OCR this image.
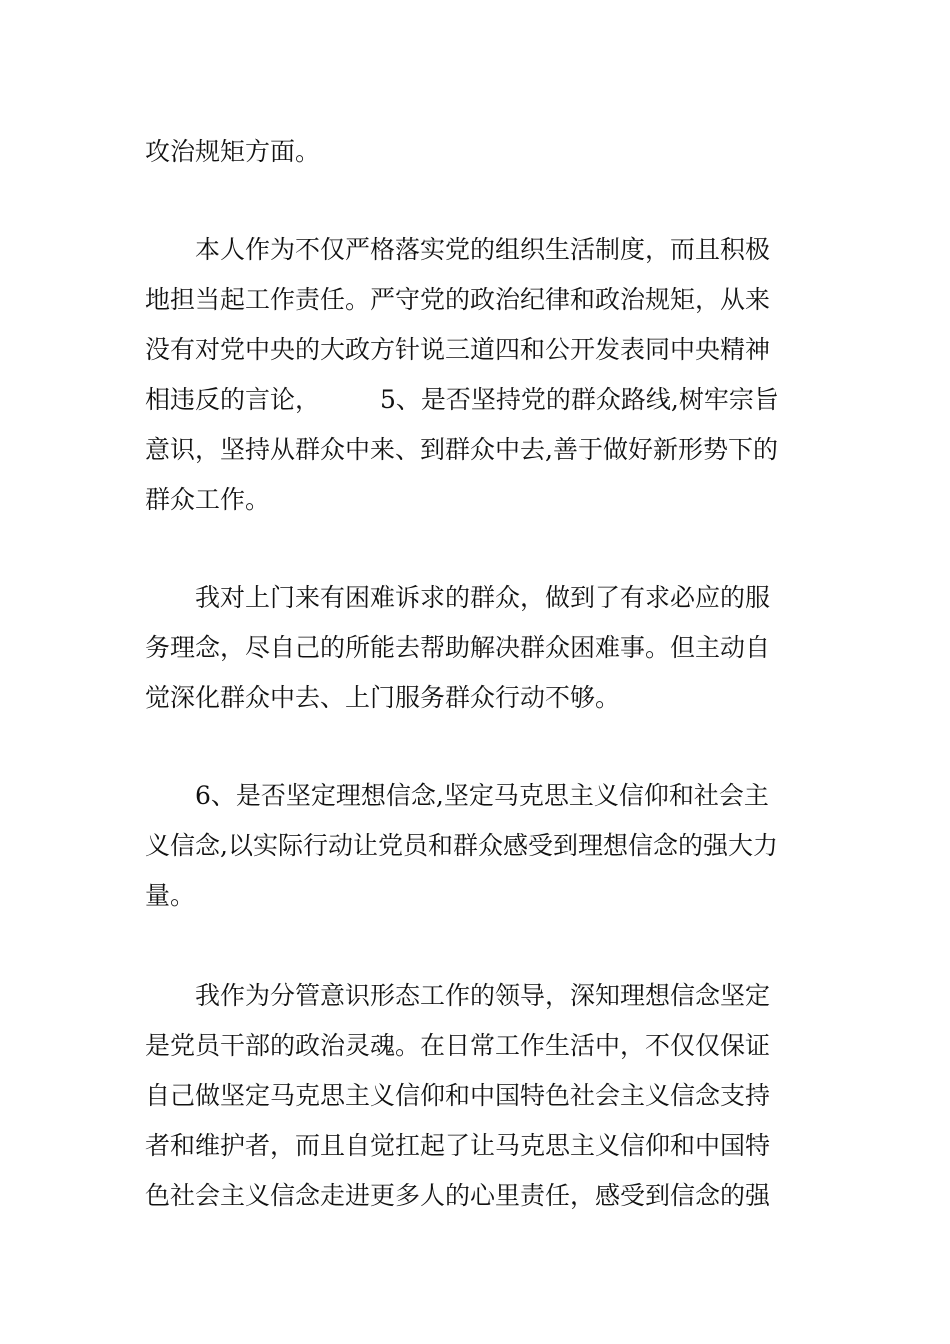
攻治规矩方面。

本人作为不仅严格落实党的组织生活制度，而且积极
地担当起工作责任。严守党的政治纪律和政治规矩，从来
没有对党中央的大政方针说三道四和公开发表同中央精神
相违反的言论， 5、是否坚持党的群众路线,树牢宗旨
意识，坚持从群众中来、到群众中去,善于做好新形势下的
群众工作。

我对上门来有困难诉求的群众，做到了有求必应的服
务理念，尽自己的所能去帮助解决群众困难事。但主动自
觉深化群众中去、上门服务群众行动不够。

6、是否坚定理想信念,坚定马克思主义信仰和社会主
义信念,以实际行动让党员和群众感受到理想信念的强大力
量。

我作为分管意识形态工作的领导，深知理想信念坚定
是党员干部的政治灵魂。在日常工作生活中，不仅仅保证
自己做坚定马克思主义信仰和中国特色社会主义信念支持
者和维护者，而且自觉扛起了让马克思主义信仰和中国特
色社会主义信念走进更多人的心里责任，感受到信念的强
